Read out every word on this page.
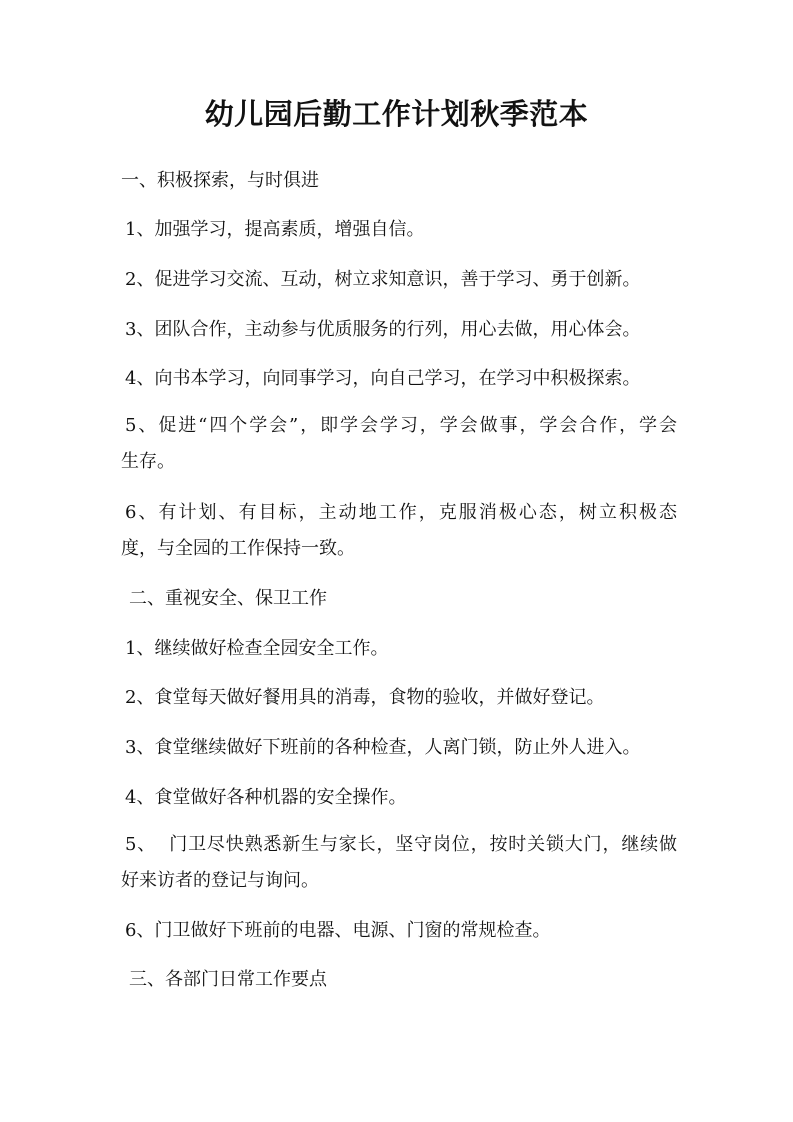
幼儿园后勤工作计划秋季范本

一、积极探索，与时俱进

1、加强学习，提高素质，增强自信。

2、促进学习交流、互动，树立求知意识，善于学习、勇于创新。

3、团队合作，主动参与优质服务的行列，用心去做，用心体会。

4、向书本学习，向同事学习，向自己学习，在学习中积极探索。

5、促进“四个学会”，即学会学习，学会做事，学会合作，学会
生存。
6、有计划、有目标，主动地工作，克服消极心态，树立积极态
度，与全园的工作保持一致。

二、重视安全、保卫工作

1、继续做好检查全园安全工作。

2、食堂每天做好餐用具的消毒，食物的验收，并做好登记。

3、食堂继续做好下班前的各种检查，人离门锁，防止外人进入。

4、食堂做好各种机器的安全操作。

5、  门卫尽快熟悉新生与家长，坚守岗位，按时关锁大门，继续做
好来访者的登记与询问。

6、门卫做好下班前的电器、电源、门窗的常规检查。

三、各部门日常工作要点
